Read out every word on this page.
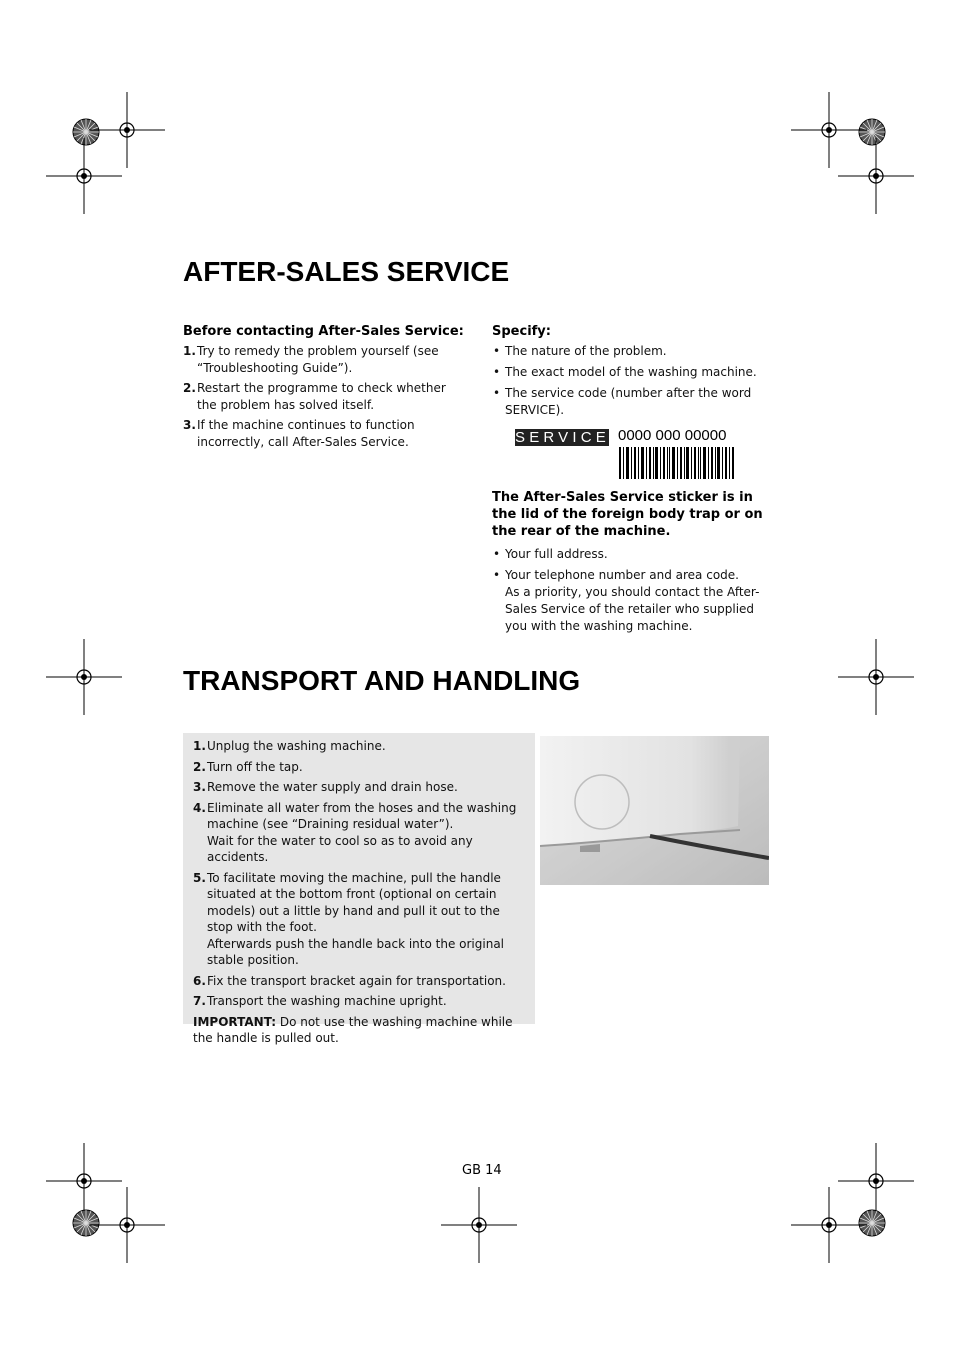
AFTER-SALES SERVICE
Before contacting After-Sales Service:
1. Try to remedy the problem yourself (see “Troubleshooting Guide”).
2. Restart the programme to check whether the problem has solved itself.
3. If the machine continues to function incorrectly, call After-Sales Service.
Specify:
• The nature of the problem.
• The exact model of the washing machine.
• The service code (number after the word SERVICE).
SERVICE 0000 000 00000
The After-Sales Service sticker is in the lid of the foreign body trap or on the rear of the machine.
• Your full address.
• Your telephone number and area code.
As a priority, you should contact the After-Sales Service of the retailer who supplied you with the washing machine.
TRANSPORT AND HANDLING
1. Unplug the washing machine.
2. Turn off the tap.
3. Remove the water supply and drain hose.
4. Eliminate all water from the hoses and the washing machine (see “Draining residual water”).
Wait for the water to cool so as to avoid any accidents.
5. To facilitate moving the machine, pull the handle situated at the bottom front (optional on certain models) out a little by hand and pull it out to the stop with the foot.
Afterwards push the handle back into the original stable position.
6. Fix the transport bracket again for transportation.
7. Transport the washing machine upright.
IMPORTANT: Do not use the washing machine while the handle is pulled out.
GB 14
